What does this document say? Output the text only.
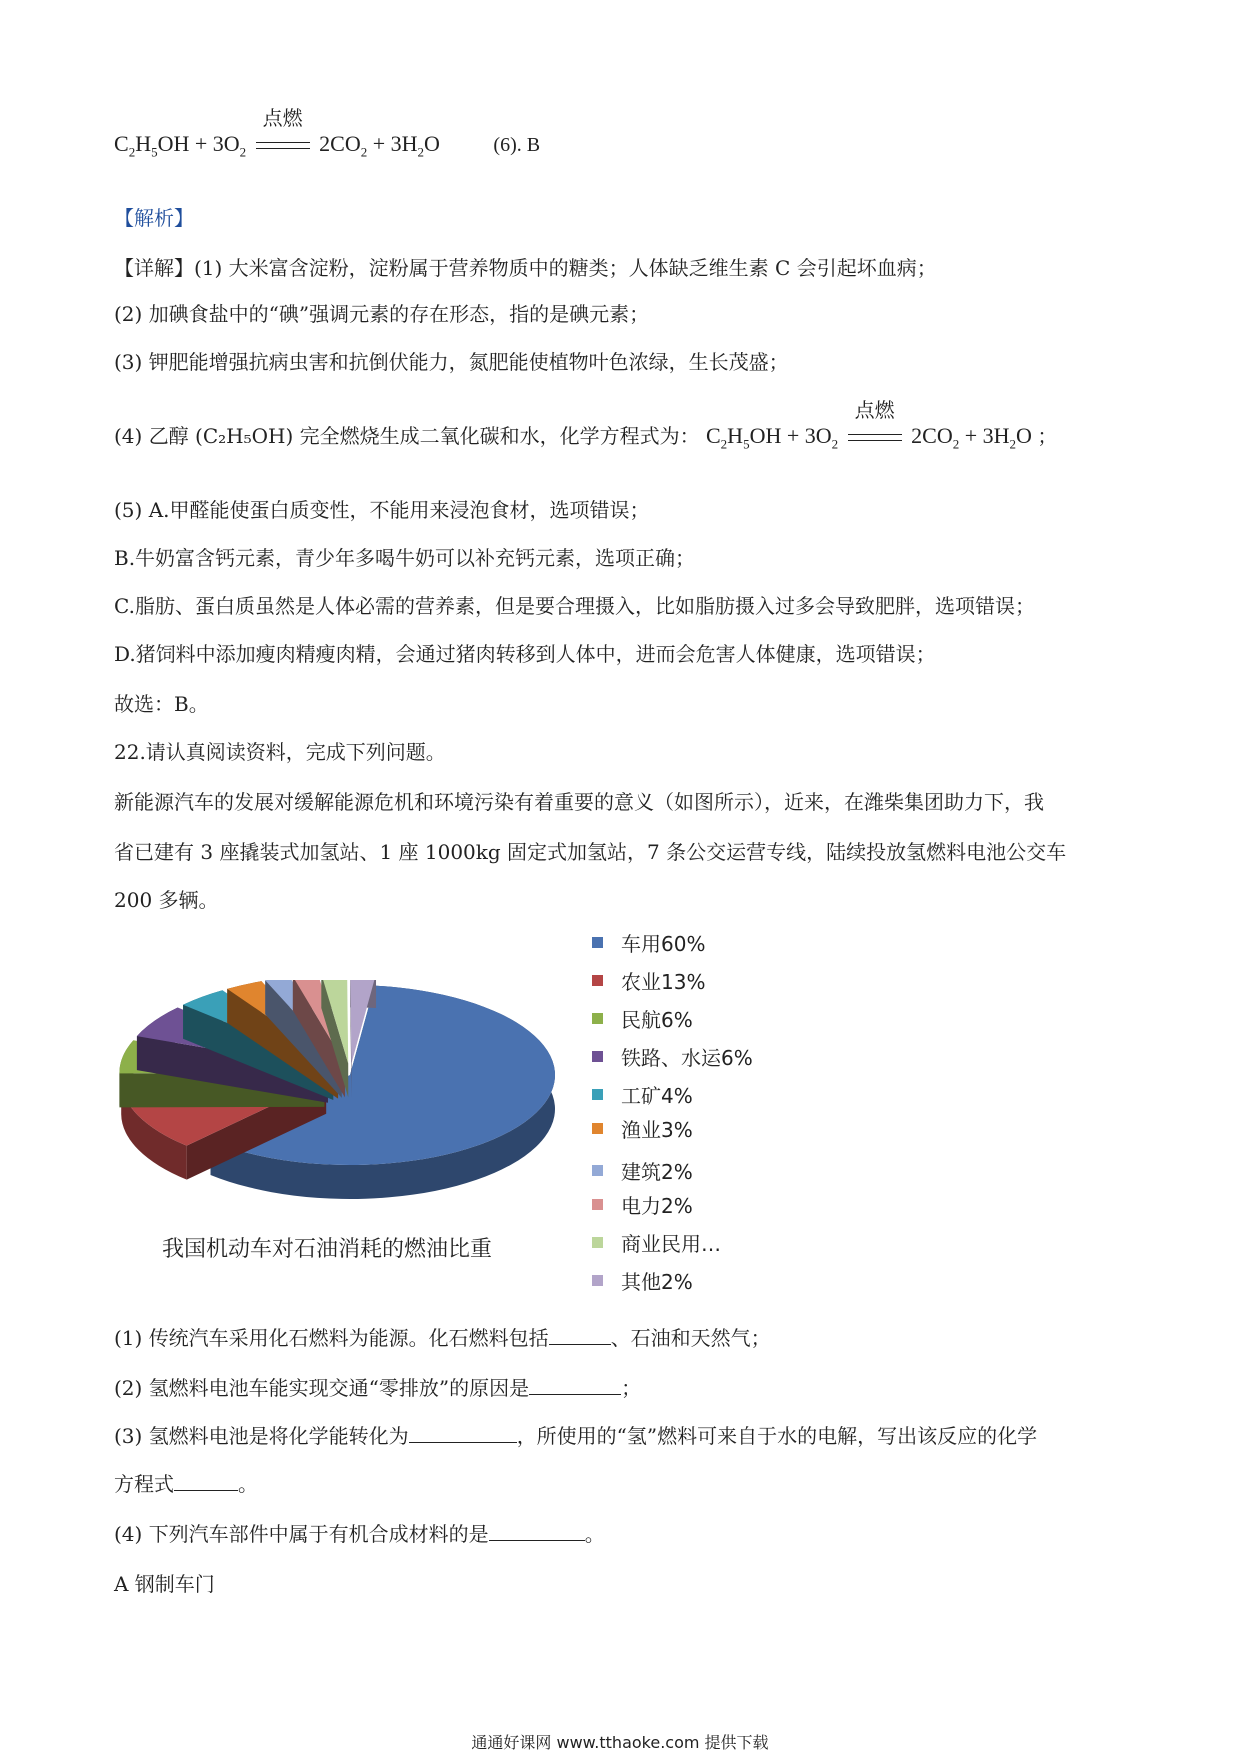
$C_2H_5OH + 3O_2$
点燃
$2CO_2 + 3H_2O$	(6). B
【解析】
【详解】(1) 大米富含淀粉，淀粉属于营养物质中的糖类；人体缺乏维生素 C 会引起坏血病；
(2) 加碘食盐中的“碘”强调元素的存在形态，指的是碘元素；
(3) 钾肥能增强抗病虫害和抗倒伏能力，氮肥能使植物叶色浓绿，生长茂盛；
(4) 乙醇 (C₂H₅OH) 完全燃烧生成二氧化碳和水，化学方程式为： $C_2H_5OH + 3O_2$
点燃
$2CO_2 + 3H_2O$ ；
(5) A.甲醛能使蛋白质变性，不能用来浸泡食材，选项错误；
B.牛奶富含钙元素，青少年多喝牛奶可以补充钙元素，选项正确；
C.脂肪、蛋白质虽然是人体必需的营养素，但是要合理摄入，比如脂肪摄入过多会导致肥胖，选项错误；
D.猪饲料中添加瘦肉精瘦肉精，会通过猪肉转移到人体中，进而会危害人体健康，选项错误；
故选：B。
22.请认真阅读资料，完成下列问题。
新能源汽车的发展对缓解能源危机和环境污染有着重要的意义（如图所示），近来，在潍柴集团助力下，我
省已建有 3 座撬装式加氢站、1 座 1000kg 固定式加氢站，7 条公交运营专线，陆续投放氢燃料电池公交车
200 多辆。
我国机动车对石油消耗的燃油比重
车用60%
农业13%
民航6%
铁路、水运6%
工矿4%
渔业3%
建筑2%
电力2%
商业民用…
其他2%
(1) 传统汽车采用化石燃料为能源。化石燃料包括	、石油和天然气；
(2) 氢燃料电池车能实现交通“零排放”的原因是	；
(3) 氢燃料电池是将化学能转化为	，所使用的“氢”燃料可来自于水的电解，写出该反应的化学
方程式	。
(4) 下列汽车部件中属于有机合成材料的是	。
A 钢制车门
通通好课网 www.tthaoke.com 提供下载
